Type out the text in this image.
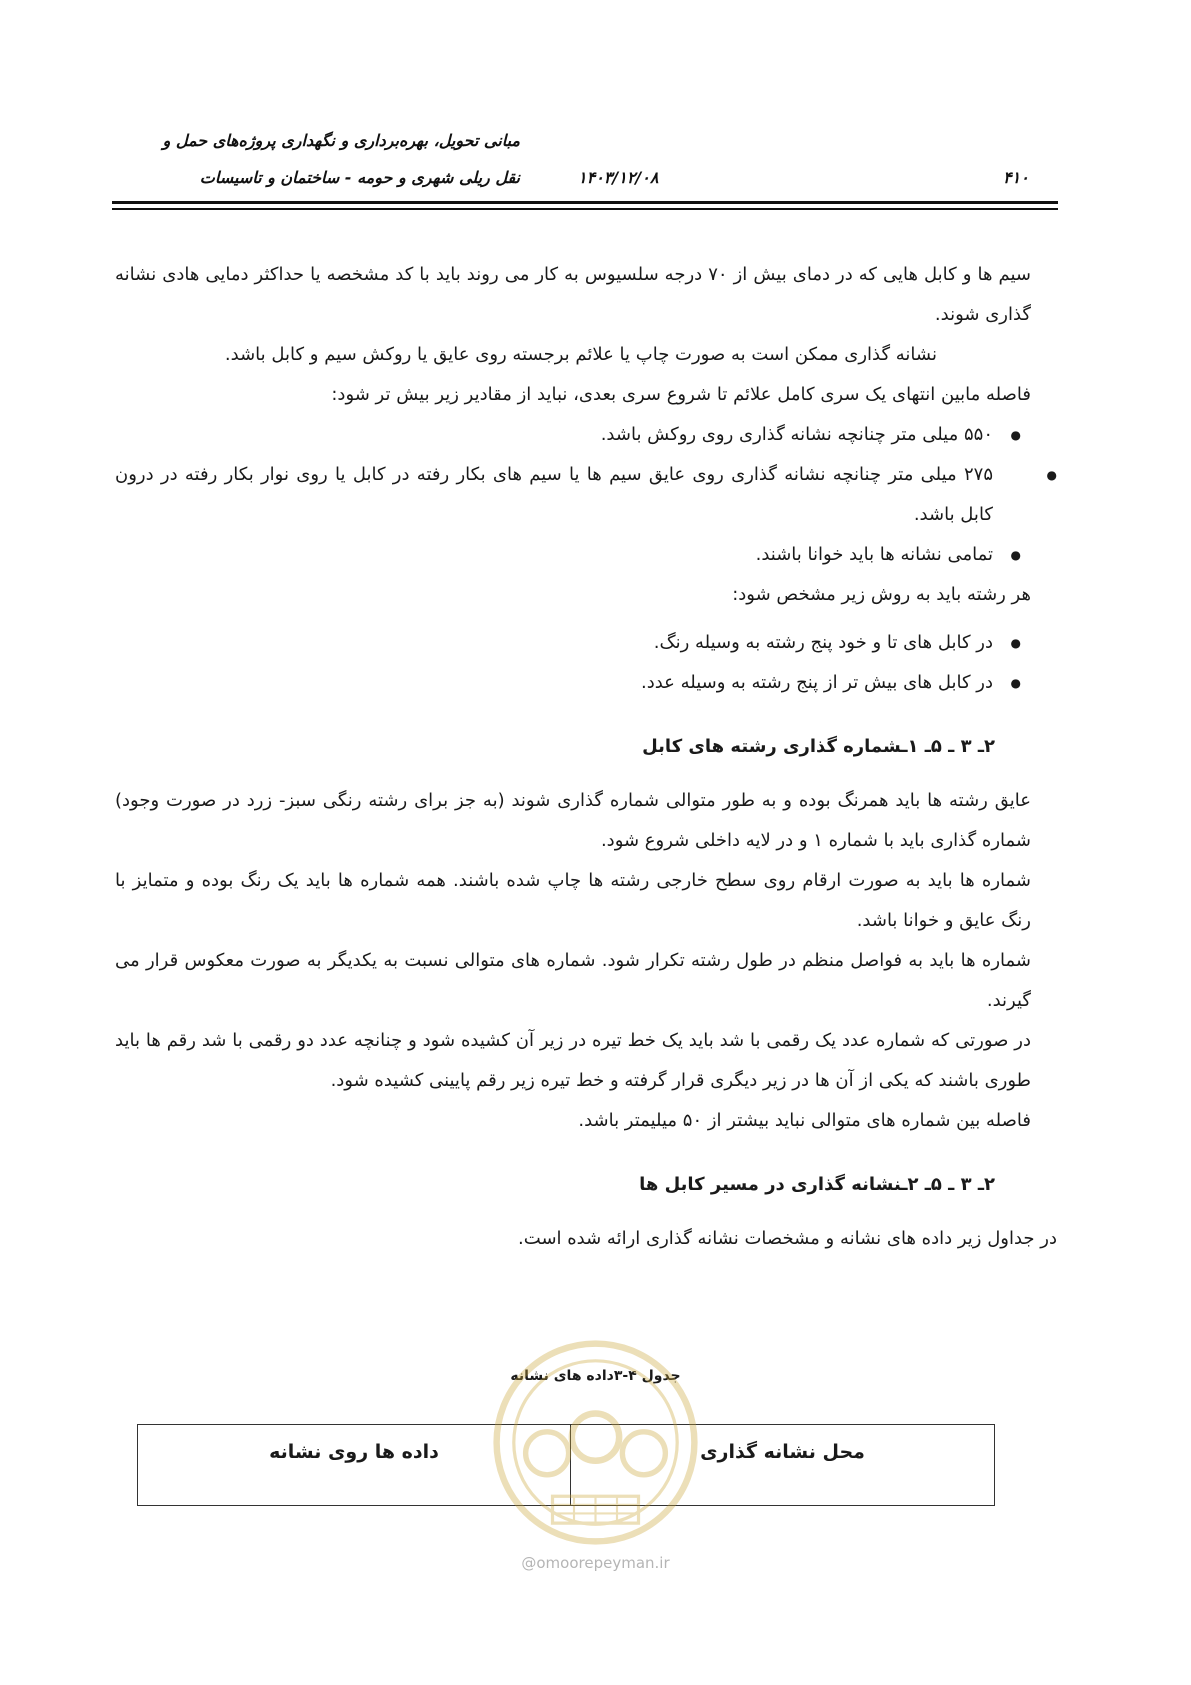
مبانی تحویل، بهره‌برداری و نگهداری پروژه‌های حمل و
نقل ریلی شهری و حومه - ساختمان و تاسیسات	۱۴۰۳/۱۲/۰۸	۴۱۰

سیم ها و کابل هایی که در دمای بیش از ۷۰ درجه سلسیوس به کار می روند باید با کد مشخصه یا حداکثر دمایی هادی نشانه گذاری شوند.

نشانه گذاری ممکن است به صورت چاپ یا علائم برجسته روی عایق یا روکش سیم و کابل باشد.

فاصله مابین انتهای یک سری کامل علائم تا شروع سری بعدی، نباید از مقادیر زیر بیش تر شود:

● ۵۵۰ میلی متر چنانچه نشانه گذاری روی روکش باشد.
● ۲۷۵ میلی متر چنانچه نشانه گذاری روی عایق سیم ها یا سیم های بکار رفته در کابل یا روی نوار بکار رفته در درون کابل باشد.
● تمامی نشانه ها باید خوانا باشند.

هر رشته باید به روش زیر مشخص شود:

● در کابل های تا و خود پنج رشته به وسیله رنگ.
● در کابل های بیش تر از پنج رشته به وسیله عدد.

۲ـ ۳ ـ ۵ـ ۱ـشماره گذاری رشته های کابل

عایق رشته ها باید همرنگ بوده و به طور متوالی شماره گذاری شوند (به جز برای رشته رنگی سبز- زرد در صورت وجود) شماره گذاری باید با شماره ۱ و در لایه داخلی شروع شود.

شماره ها باید به صورت ارقام روی سطح خارجی رشته ها چاپ شده باشند. همه شماره ها باید یک رنگ بوده و متمایز با رنگ عایق و خوانا باشد.

شماره ها باید به فواصل منظم در طول رشته تکرار شود. شماره های متوالی نسبت به یکدیگر به صورت معکوس قرار می گیرند.

در صورتی که شماره عدد یک رقمی با شد باید یک خط تیره در زیر آن کشیده شود و چنانچه عدد دو رقمی با شد رقم ها باید طوری باشند که یکی از آن ها در زیر دیگری قرار گرفته و خط تیره زیر رقم پایینی کشیده شود.

فاصله بین شماره های متوالی نباید بیشتر از ۵۰ میلیمتر باشد.

۲ـ ۳ ـ ۵ـ ۲ـنشانه گذاری در مسیر کابل ها

در جداول زیر داده های نشانه و مشخصات نشانه گذاری ارائه شده است.

جدول ۴-۳داده های نشانه
محل نشانه گذاری
داده ها روی نشانه
@omoorepeyman.ir
